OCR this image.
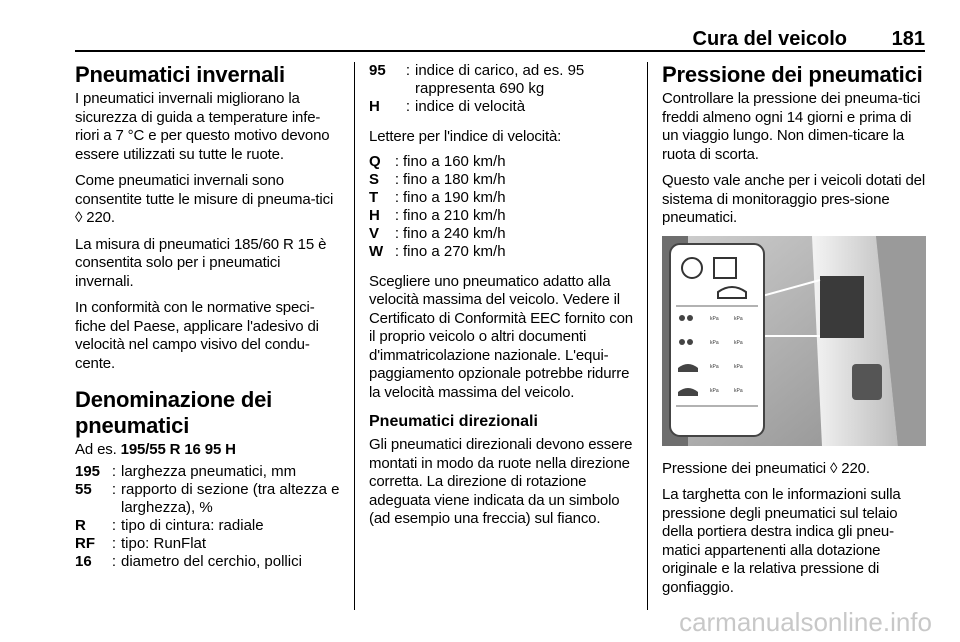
Cura del veicolo 181
Pneumatici invernali

I pneumatici invernali migliorano la sicurezza di guida a temperature infe-riori a 7 °C e per questo motivo devono essere utilizzati su tutte le ruote.

Come pneumatici invernali sono consentite tutte le misure di pneuma-tici ◊ 220.

La misura di pneumatici 185/60 R 15 è consentita solo per i pneumatici invernali.

In conformità con le normative speci-fiche del Paese, applicare l'adesivo di velocità nel campo visivo del condu-cente.

Denominazione dei pneumatici

Ad es. 195/55 R 16 95 H

195 : larghezza pneumatici, mm
55	: rapporto di sezione (tra altezza e larghezza), %
R	: tipo di cintura: radiale
RF	: tipo: RunFlat
16	: diametro del cerchio, pollici
95	: indice di carico, ad es. 95 rappresenta 690 kg
H	: indice di velocità

Lettere per l'indice di velocità:

Q : fino a 160 km/h
S	: fino a 180 km/h
T	: fino a 190 km/h
H	: fino a 210 km/h
V	: fino a 240 km/h
W : fino a 270 km/h

Scegliere uno pneumatico adatto alla velocità massima del veicolo. Vedere il Certificato di Conformità EEC fornito con il proprio veicolo o altri documenti d'immatricolazione nazionale. L'equi-paggiamento opzionale potrebbe ridurre la velocità massima del veicolo.

Pneumatici direzionali

Gli pneumatici direzionali devono essere montati in modo da ruote nella direzione corretta. La direzione di rotazione adeguata viene indicata da un simbolo (ad esempio una freccia) sul fianco.

Pressione dei pneumatici

Controllare la pressione dei pneuma-tici freddi almeno ogni 14 giorni e prima di un viaggio lungo. Non dimen-ticare la ruota di scorta.

Questo vale anche per i veicoli dotati del sistema di monitoraggio pres-sione pneumatici.

kPa	kPa
kPa	kPa
kPa	kPa
kPa	kPa

Pressione dei pneumatici ◊ 220.

La targhetta con le informazioni sulla pressione degli pneumatici sul telaio della portiera destra indica gli pneu-matici appartenenti alla dotazione originale e la relativa pressione di gonfiaggio.

carmanualsonline.info
